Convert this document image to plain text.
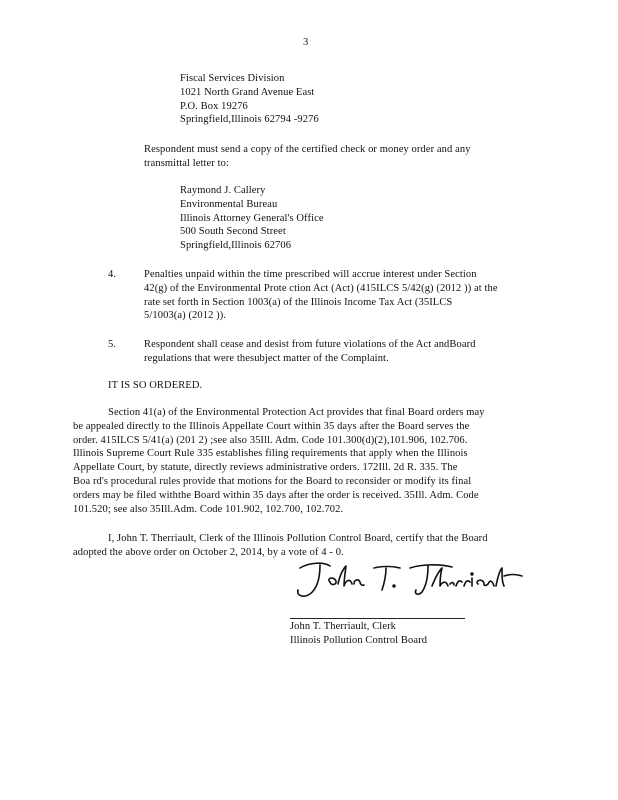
3
Fiscal Services Division
1021 North Grand Avenue East
P.O. Box 19276
Springfield,Illinois 62794 -9276
Respondent must send a copy of the certified check or money order and any
transmittal letter to:
Raymond J. Callery
Environmental Bureau
Illinois Attorney General's Office
500 South Second Street
Springfield,Illinois 62706
4.	Penalties unpaid within the time prescribed will accrue interest under Section
42(g) of the Environmental Prote ction Act (Act) (415ILCS 5/42(g) (2012 )) at the
rate set forth in Section 1003(a) of the Illinois Income Tax Act (35ILCS
5/1003(a) (2012 )).
5.	Respondent shall cease and desist from future violations of the Act andBoard
regulations that were thesubject matter of the Complaint.
IT IS SO ORDERED.
Section 41(a) of the Environmental Protection Act provides that final Board orders may
be appealed directly to the Illinois Appellate Court within 35 days after the Board serves the
order. 415ILCS 5/41(a) (201 2) ;see also 35Ill. Adm. Code 101.300(d)(2),101.906, 102.706.
Illinois Supreme Court Rule 335 establishes filing requirements that apply when the Illinois
Appellate Court, by statute, directly reviews administrative orders. 172Ill. 2d R. 335. The
Boa rd's procedural rules provide that motions for the Board to reconsider or modify its final
orders may be filed withthe Board within 35 days after the order is received. 35Ill. Adm. Code
101.520; see also 35Ill.Adm. Code 101.902, 102.700, 102.702.
I, John T. Therriault, Clerk of the Illinois Pollution Control Board, certify that the Board
adopted the above order on October 2, 2014, by a vote of 4 - 0.
John T. Therriault, Clerk
Illinois Pollution Control Board
